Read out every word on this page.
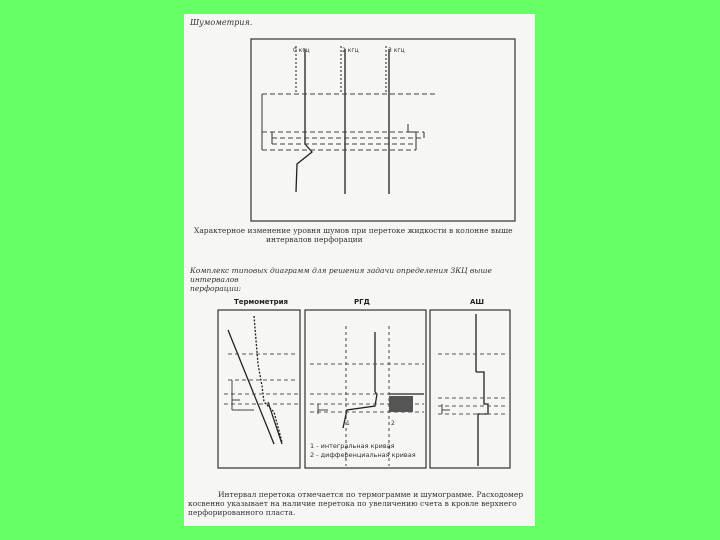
Шумометрия.
0 кгц	2 кгц	3 кгц
Характерное изменение уровня шумов при перетоке жидкости в колонне выше
интервалов перфорации
Комплекс типовых диаграмм для решения задачи определения ЗКЦ выше интервалов
перфорации:
Термометрия	РГД	АШ
1	2
1 - интегральная кривая
2 - дифференциальная кривая
Интервал перетока отмечается по термограмме и шумограмме. Расходомер
косвенно указывает на наличие перетока по увеличению счета в кровле верхнего
перфорированного пласта.
